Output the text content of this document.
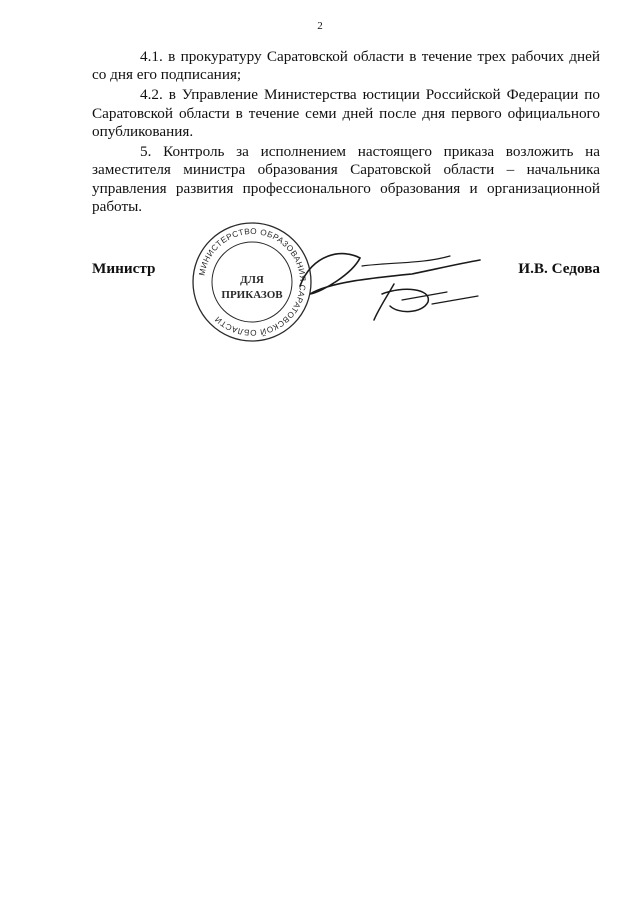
2

4.1. в прокуратуру Саратовской области в течение трех рабочих дней со дня его подписания;

4.2. в Управление Министерства юстиции Российской Федерации по Саратовской области в течение семи дней после дня первого официального опубликования.

5. Контроль за исполнением настоящего приказа возложить на заместителя министра образования Саратовской области – начальника управления развития профессионального образования и организационной работы.

Министр	МИНИСТЕРСТВО ОБРАЗОВАНИЯ САРАТОВСКОЙ ОБЛАСТИ
ДЛЯ
ПРИКАЗОВ
И.В. Седова
